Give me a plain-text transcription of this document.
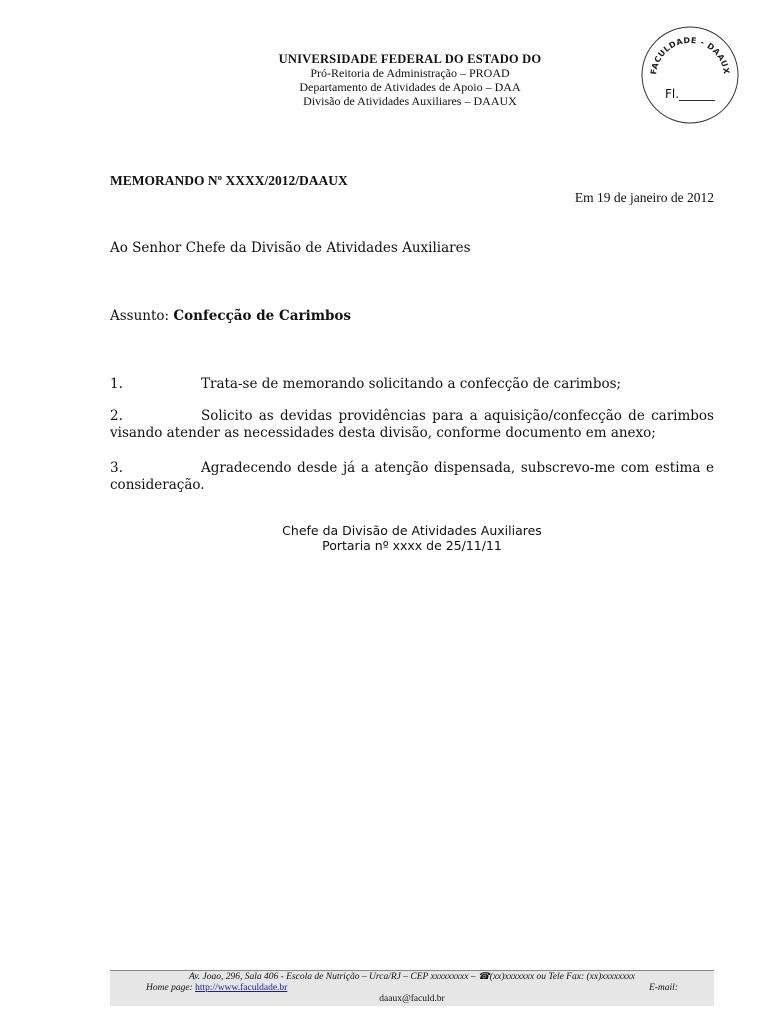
UNIVERSIDADE FEDERAL DO ESTADO DO
Pró-Reitoria de Administração – PROAD
Departamento de Atividades de Apoio – DAA
Divisão de Atividades Auxiliares – DAAUX
FACULDADE - DAAUX
Fl.______
MEMORANDO Nº XXXX/2012/DAAUX
Em 19 de janeiro de 2012
Ao Senhor Chefe da Divisão de Atividades Auxiliares
Assunto: Confecção de Carimbos
1.	Trata-se de memorando solicitando a confecção de carimbos;
2.	Solicito as devidas providências para a aquisição/confecção de carimbos visando atender as necessidades desta divisão, conforme documento em anexo;
3.	Agradecendo desde já a atenção dispensada, subscrevo-me com estima e consideração.
Chefe da Divisão de Atividades Auxiliares
Portaria nº xxxx de 25/11/11
Av. Joao, 296, Sala 406 - Escola de Nutrição – Urca/RJ – CEP xxxxxxxxx – ☎(xx)xxxxxxx ou Tele Fax: (xx)xxxxxxxx
Home page: http://www.faculdade.br	E-mail:
daaux@faculd.br
